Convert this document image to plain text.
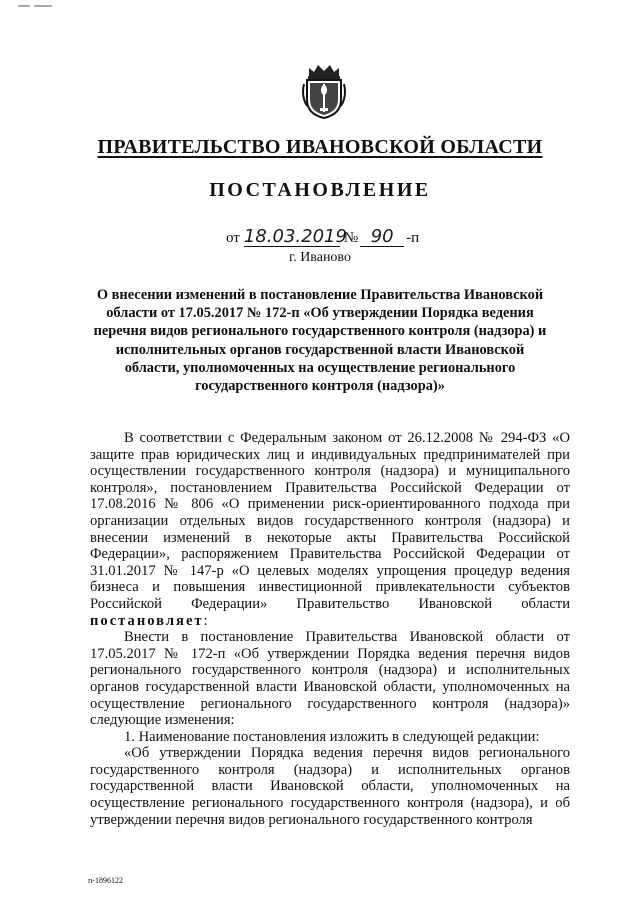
ПРАВИТЕЛЬСТВО ИВАНОВСКОЙ ОБЛАСТИ
ПОСТАНОВЛЕНИЕ
от 18.03.2019
№ 90 -п
г. Иваново
О внесении изменений в постановление Правительства Ивановской области от 17.05.2017 № 172-п «Об утверждении Порядка ведения перечня видов регионального государственного контроля (надзора) и исполнительных органов государственной власти Ивановской области, уполномоченных на осуществление регионального государственного контроля (надзора)»

В соответствии с Федеральным законом от 26.12.2008 № 294-ФЗ «О защите прав юридических лиц и индивидуальных предпринимателей при осуществлении государственного контроля (надзора) и муниципального контроля», постановлением Правительства Российской Федерации от 17.08.2016 № 806 «О применении риск-ориентированного подхода при организации отдельных видов государственного контроля (надзора) и внесении изменений в некоторые акты Правительства Российской Федерации», распоряжением Правительства Российской Федерации от 31.01.2017 № 147-р «О целевых моделях упрощения процедур ведения бизнеса и повышения инвестиционной привлекательности субъектов Российской Федерации» Правительство Ивановской области постановляет:

Внести в постановление Правительства Ивановской области от 17.05.2017 № 172-п «Об утверждении Порядка ведения перечня видов регионального государственного контроля (надзора) и исполнительных органов государственной власти Ивановской области, уполномоченных на осуществление регионального государственного контроля (надзора)» следующие изменения:

1. Наименование постановления изложить в следующей редакции:

«Об утверждении Порядка ведения перечня видов регионального государственного контроля (надзора) и исполнительных органов государственной власти Ивановской области, уполномоченных на осуществление регионального государственного контроля (надзора), и об утверждении перечня видов регионального государственного контроля

п-1896122
